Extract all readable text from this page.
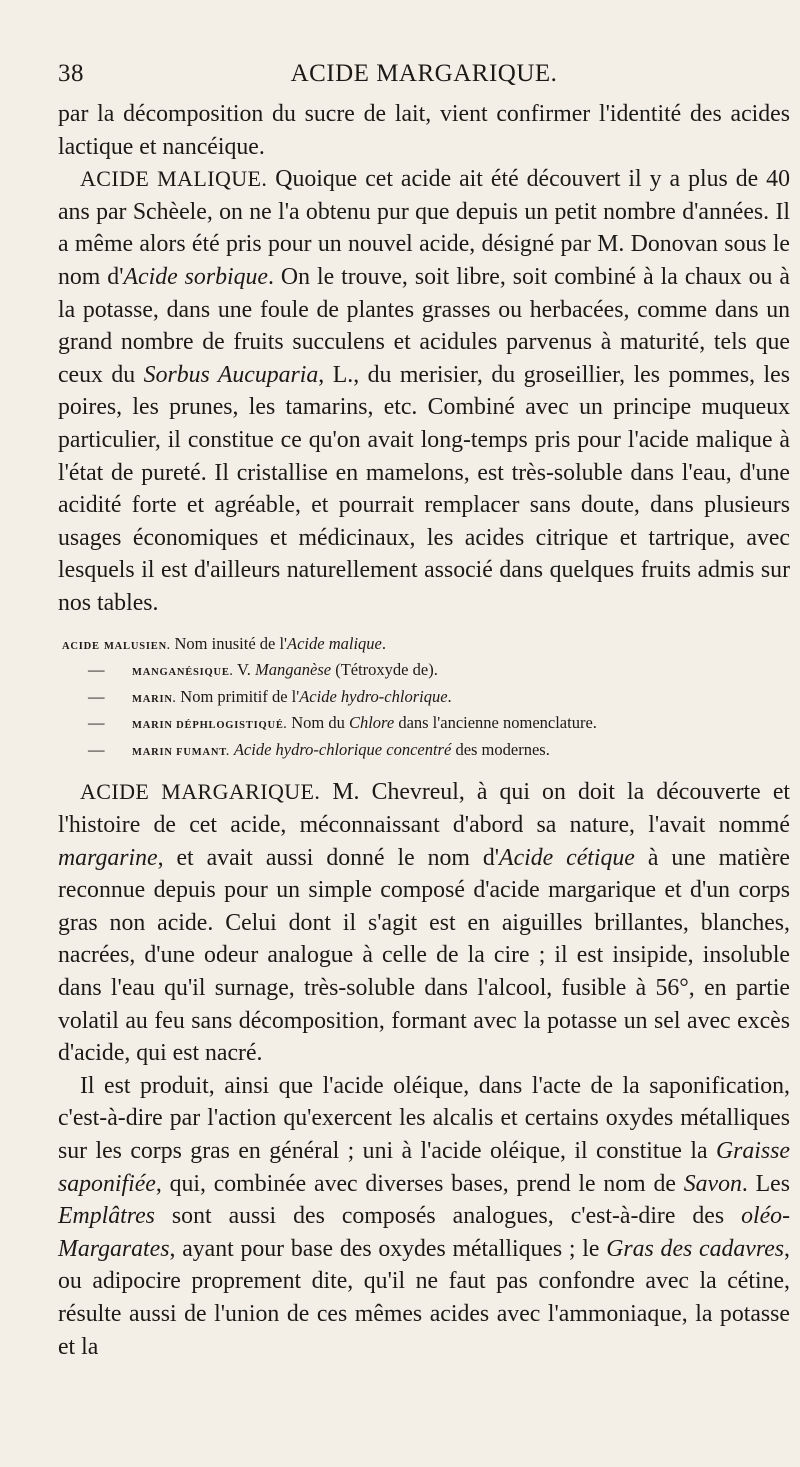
38	ACIDE MARGARIQUE.

par la décomposition du sucre de lait, vient confirmer l'identité des acides lactique et nancéique.

ACIDE MALIQUE. Quoique cet acide ait été découvert il y a plus de 40 ans par Schèele, on ne l'a obtenu pur que depuis un petit nombre d'années. Il a même alors été pris pour un nouvel acide, désigné par M. Donovan sous le nom d'Acide sorbique. On le trouve, soit libre, soit combiné à la chaux ou à la potasse, dans une foule de plantes grasses ou herbacées, comme dans un grand nombre de fruits succulens et acidules parvenus à maturité, tels que ceux du Sorbus Aucuparia, L., du merisier, du groseillier, les pommes, les poires, les prunes, les tamarins, etc. Combiné avec un principe muqueux particulier, il constitue ce qu'on avait long-temps pris pour l'acide malique à l'état de pureté. Il cristallise en mamelons, est très-soluble dans l'eau, d'une acidité forte et agréable, et pourrait remplacer sans doute, dans plusieurs usages économiques et médicinaux, les acides citrique et tartrique, avec lesquels il est d'ailleurs naturellement associé dans quelques fruits admis sur nos tables.

ACIDE MALUSIEN. Nom inusité de l'Acide malique.
—	MANGANÉSIQUE. V. Manganèse (Tétroxyde de).
—	MARIN. Nom primitif de l'Acide hydro-chlorique.
—	MARIN DÉPHLOGISTIQUÉ. Nom du Chlore dans l'ancienne nomenclature.
—	MARIN FUMANT. Acide hydro-chlorique concentré des modernes.

ACIDE MARGARIQUE. M. Chevreul, à qui on doit la découverte et l'histoire de cet acide, méconnaissant d'abord sa nature, l'avait nommé margarine, et avait aussi donné le nom d'Acide cétique à une matière reconnue depuis pour un simple composé d'acide margarique et d'un corps gras non acide. Celui dont il s'agit est en aiguilles brillantes, blanches, nacrées, d'une odeur analogue à celle de la cire ; il est insipide, insoluble dans l'eau qu'il surnage, très-soluble dans l'alcool, fusible à 56°, en partie volatil au feu sans décomposition, formant avec la potasse un sel avec excès d'acide, qui est nacré.

Il est produit, ainsi que l'acide oléique, dans l'acte de la saponification, c'est-à-dire par l'action qu'exercent les alcalis et certains oxydes métalliques sur les corps gras en général ; uni à l'acide oléique, il constitue la Graisse saponifiée, qui, combinée avec diverses bases, prend le nom de Savon. Les Emplâtres sont aussi des composés analogues, c'est-à-dire des oléo-Margarates, ayant pour base des oxydes métalliques ; le Gras des cadavres, ou adipocire proprement dite, qu'il ne faut pas confondre avec la cétine, résulte aussi de l'union de ces mêmes acides avec l'ammoniaque, la potasse et la
